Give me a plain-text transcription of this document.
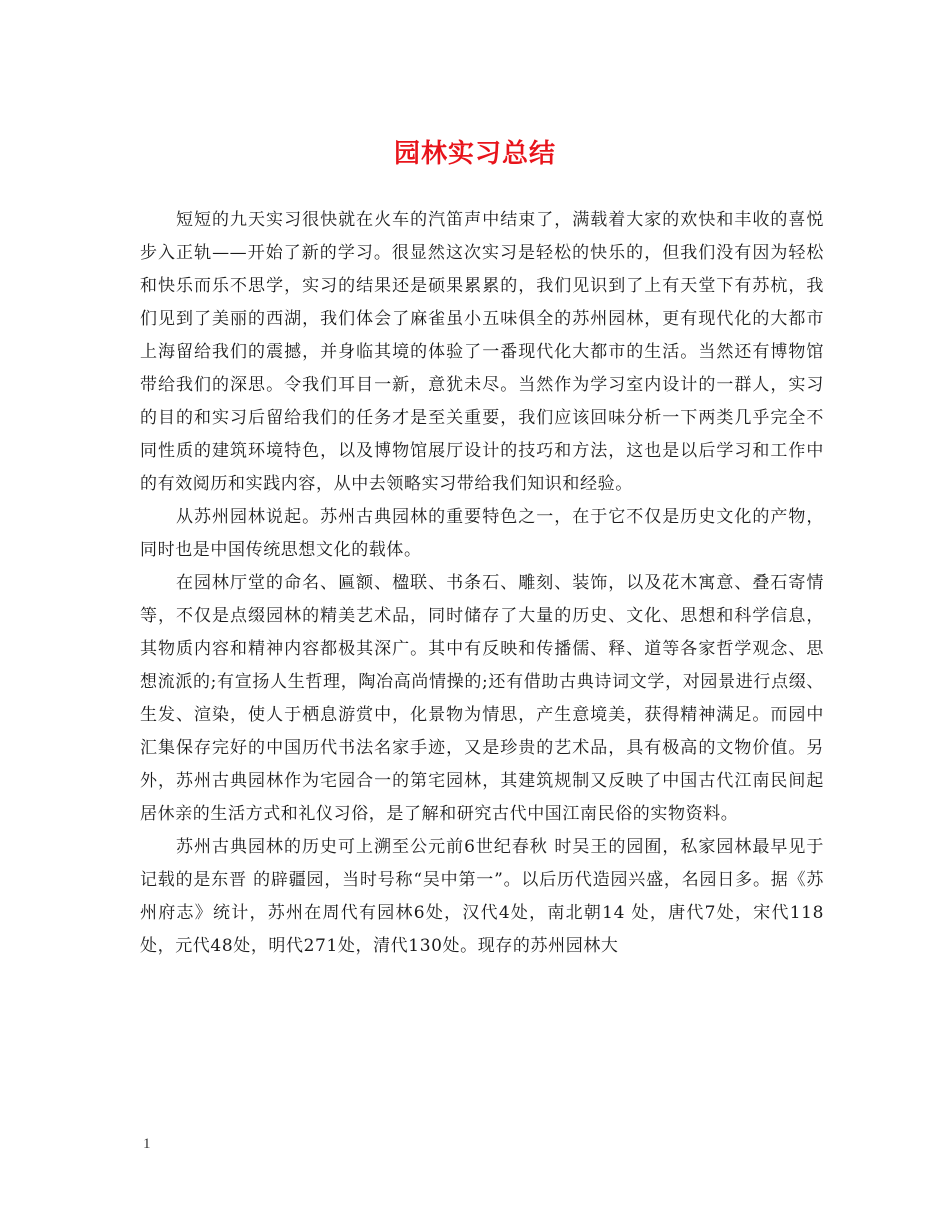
园林实习总结

短短的九天实习很快就在火车的汽笛声中结束了，满载着大家的欢快和丰收的喜悦步入正轨——开始了新的学习。很显然这次实习是轻松的快乐的，但我们没有因为轻松和快乐而乐不思学，实习的结果还是硕果累累的，我们见识到了上有天堂下有苏杭，我们见到了美丽的西湖，我们体会了麻雀虽小五味俱全的苏州园林，更有现代化的大都市上海留给我们的震撼，并身临其境的体验了一番现代化大都市的生活。当然还有博物馆带给我们的深思。令我们耳目一新，意犹未尽。当然作为学习室内设计的一群人，实习的目的和实习后留给我们的任务才是至关重要，我们应该回味分析一下两类几乎完全不同性质的建筑环境特色，以及博物馆展厅设计的技巧和方法，这也是以后学习和工作中的有效阅历和实践内容，从中去领略实习带给我们知识和经验。

从苏州园林说起。苏州古典园林的重要特色之一，在于它不仅是历史文化的产物，同时也是中国传统思想文化的载体。

在园林厅堂的命名、匾额、楹联、书条石、雕刻、装饰，以及花木寓意、叠石寄情等，不仅是点缀园林的精美艺术品，同时储存了大量的历史、文化、思想和科学信息，其物质内容和精神内容都极其深广。其中有反映和传播儒、释、道等各家哲学观念、思想流派的;有宣扬人生哲理，陶冶高尚情操的;还有借助古典诗词文学，对园景进行点缀、生发、渲染，使人于栖息游赏中，化景物为情思，产生意境美，获得精神满足。而园中汇集保存完好的中国历代书法名家手迹，又是珍贵的艺术品，具有极高的文物价值。另外，苏州古典园林作为宅园合一的第宅园林，其建筑规制又反映了中国古代江南民间起居休亲的生活方式和礼仪习俗，是了解和研究古代中国江南民俗的实物资料。

苏州古典园林的历史可上溯至公元前6世纪春秋 时吴王的园囿，私家园林最早见于记载的是东晋 的辟疆园，当时号称“吴中第一”。以后历代造园兴盛，名园日多。据《苏州府志》统计，苏州在周代有园林6处，汉代4处，南北朝14 处，唐代7处，宋代118处，元代48处，明代271处，清代130处。现存的苏州园林大

1
